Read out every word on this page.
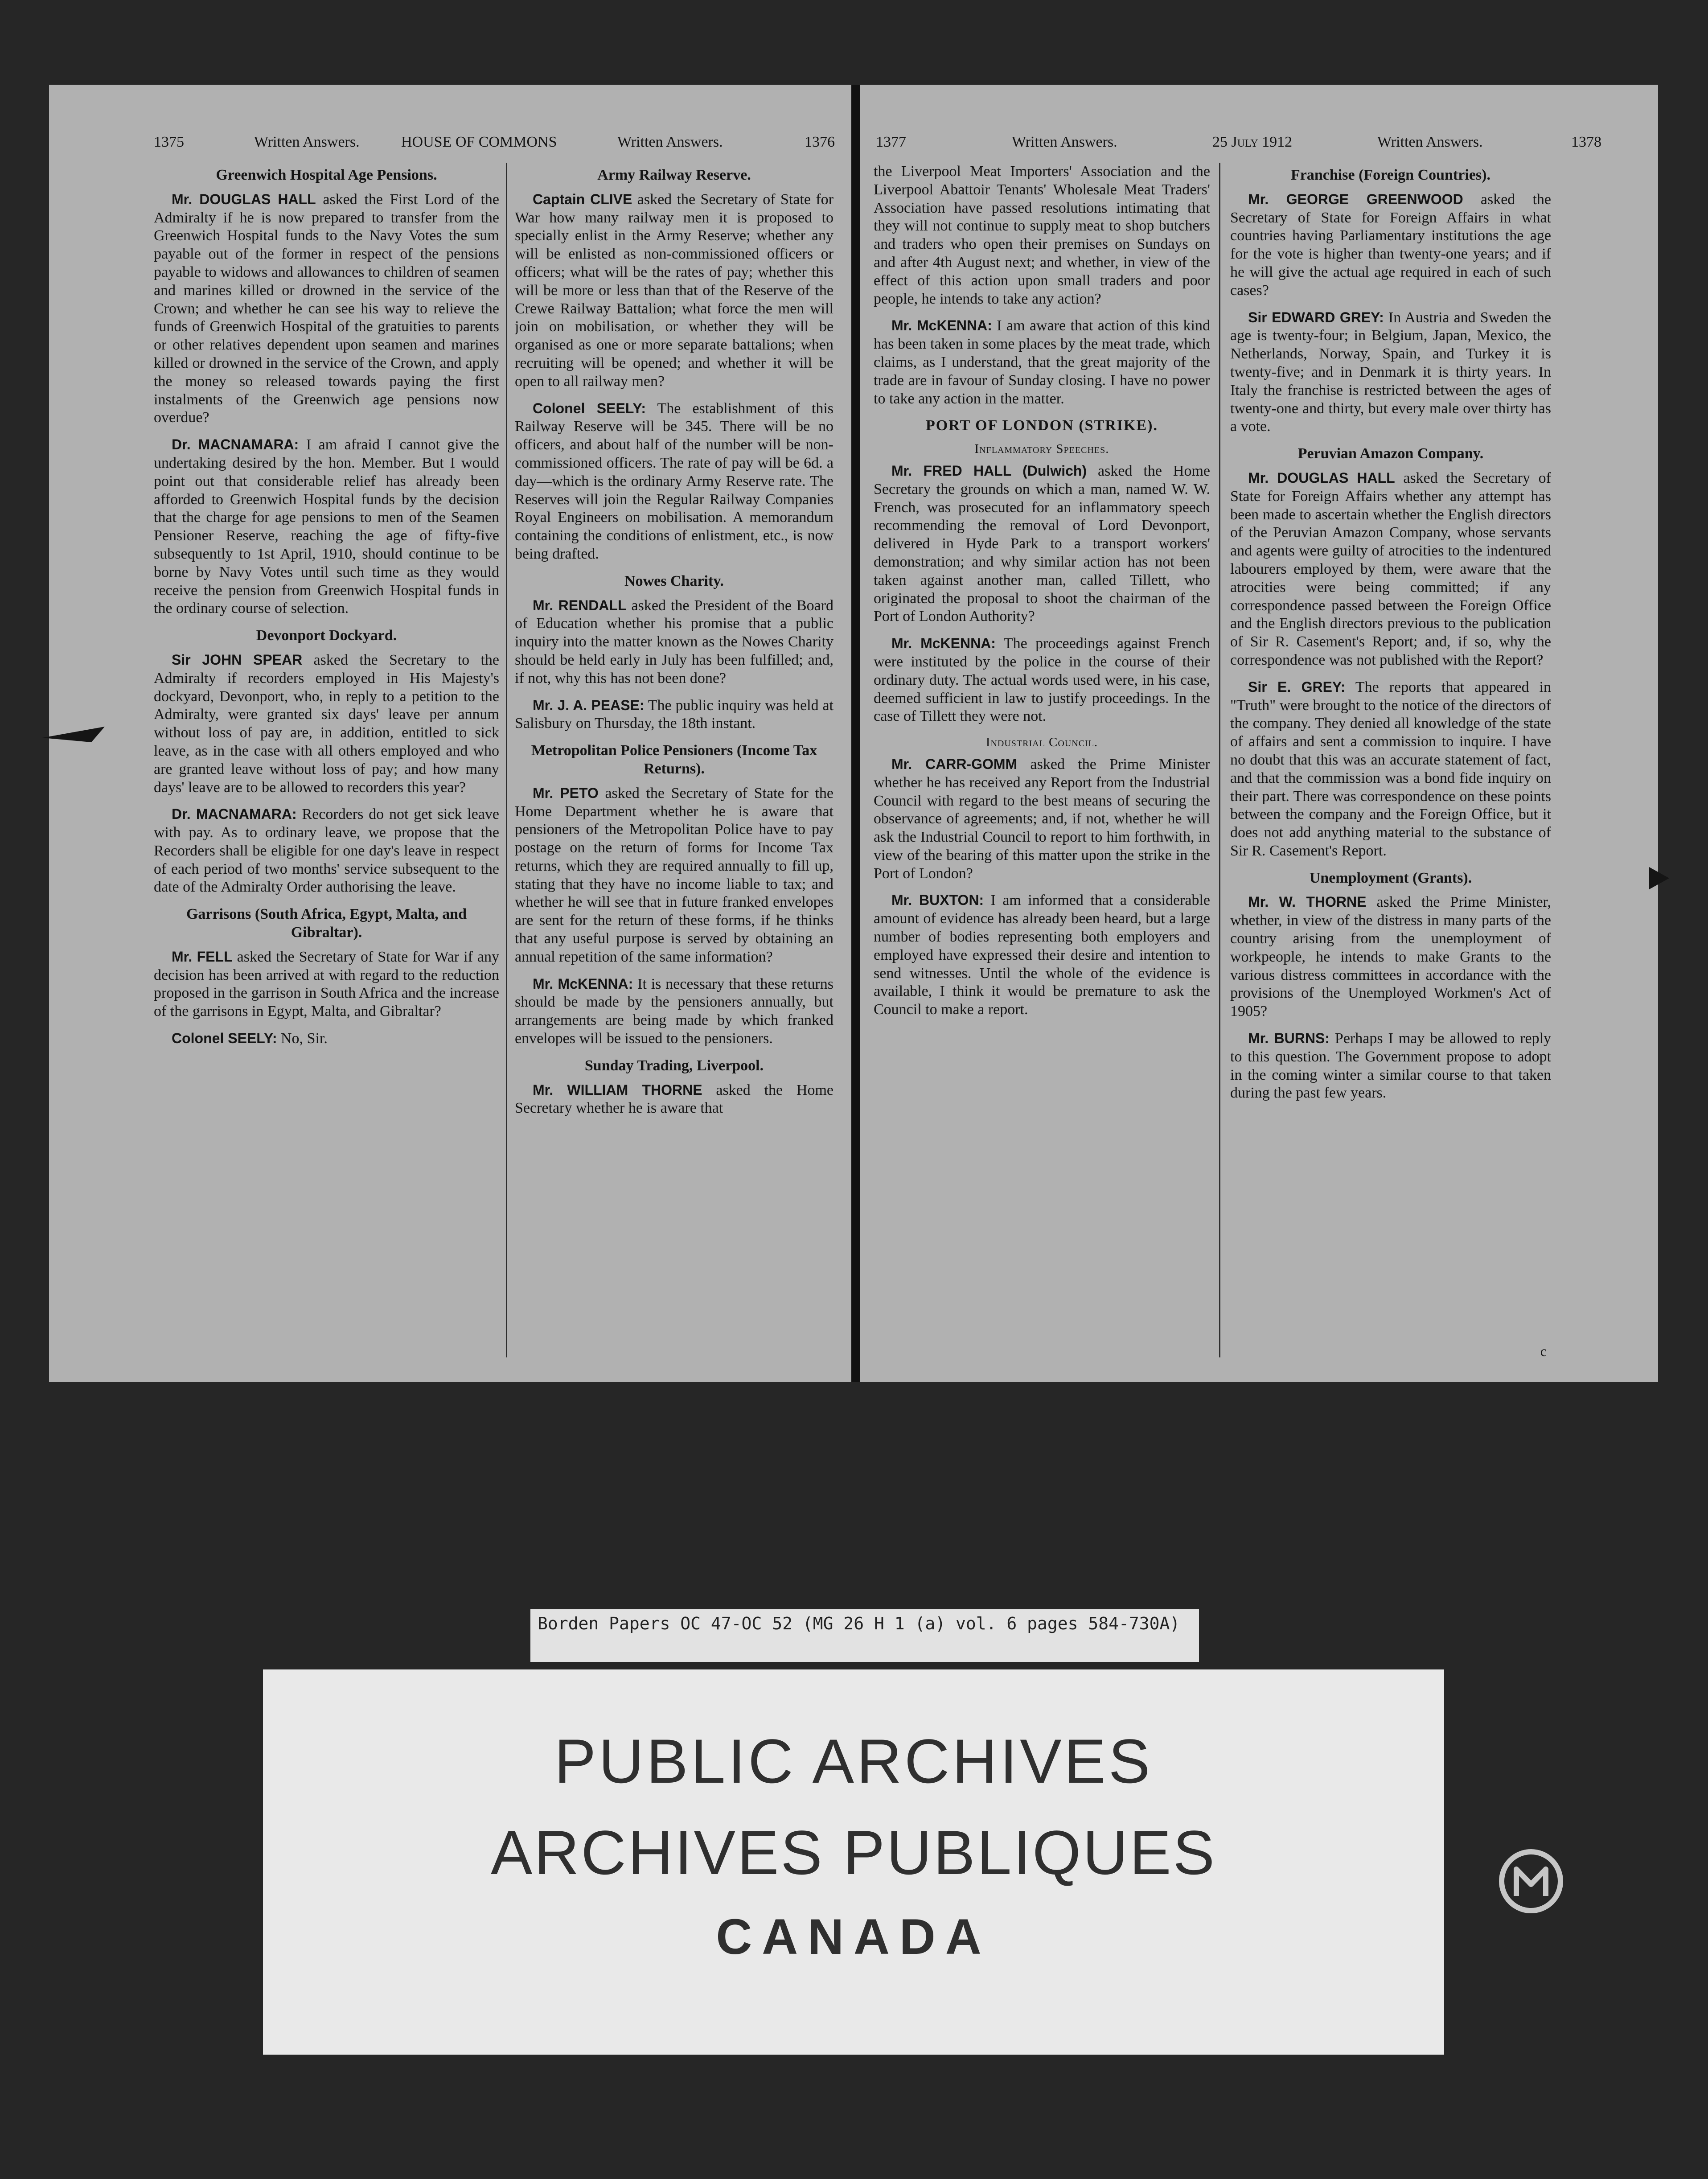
1375	Written Answers.	HOUSE OF COMMONS	Written Answers.	1376
Greenwich Hospital Age Pensions.

Mr. DOUGLAS HALL asked the First Lord of the Admiralty if he is now prepared to transfer from the Greenwich Hospital funds to the Navy Votes the sum payable out of the former in respect of the pensions payable to widows and allowances to children of seamen and marines killed or drowned in the service of the Crown; and whether he can see his way to relieve the funds of Greenwich Hospital of the gratuities to parents or other relatives dependent upon seamen and marines killed or drowned in the service of the Crown, and apply the money so released towards paying the first instalments of the Greenwich age pensions now overdue?

Dr. MACNAMARA: I am afraid I cannot give the undertaking desired by the hon. Member. But I would point out that considerable relief has already been afforded to Greenwich Hospital funds by the decision that the charge for age pensions to men of the Seamen Pensioner Reserve, reaching the age of fifty-five subsequently to 1st April, 1910, should continue to be borne by Navy Votes until such time as they would receive the pension from Greenwich Hospital funds in the ordinary course of selection.

Devonport Dockyard.

Sir JOHN SPEAR asked the Secretary to the Admiralty if recorders employed in His Majesty's dockyard, Devonport, who, in reply to a petition to the Admiralty, were granted six days' leave per annum without loss of pay are, in addition, entitled to sick leave, as in the case with all others employed and who are granted leave without loss of pay; and how many days' leave are to be allowed to recorders this year?

Dr. MACNAMARA: Recorders do not get sick leave with pay. As to ordinary leave, we propose that the Recorders shall be eligible for one day's leave in respect of each period of two months' service subsequent to the date of the Admiralty Order authorising the leave.

Garrisons (South Africa, Egypt, Malta, and Gibraltar).

Mr. FELL asked the Secretary of State for War if any decision has been arrived at with regard to the reduction proposed in the garrison in South Africa and the increase of the garrisons in Egypt, Malta, and Gibraltar?

Colonel SEELY: No, Sir.

Army Railway Reserve.

Captain CLIVE asked the Secretary of State for War how many railway men it is proposed to specially enlist in the Army Reserve; whether any will be enlisted as non-commissioned officers or officers; what will be the rates of pay; whether this will be more or less than that of the Reserve of the Crewe Railway Battalion; what force the men will join on mobilisation, or whether they will be organised as one or more separate battalions; when recruiting will be opened; and whether it will be open to all railway men?

Colonel SEELY: The establishment of this Railway Reserve will be 345. There will be no officers, and about half of the number will be non-commissioned officers. The rate of pay will be 6d. a day—which is the ordinary Army Reserve rate. The Reserves will join the Regular Railway Companies Royal Engineers on mobilisation. A memorandum containing the conditions of enlistment, etc., is now being drafted.

Nowes Charity.

Mr. RENDALL asked the President of the Board of Education whether his promise that a public inquiry into the matter known as the Nowes Charity should be held early in July has been fulfilled; and, if not, why this has not been done?

Mr. J. A. PEASE: The public inquiry was held at Salisbury on Thursday, the 18th instant.

Metropolitan Police Pensioners (Income Tax Returns).

Mr. PETO asked the Secretary of State for the Home Department whether he is aware that pensioners of the Metropolitan Police have to pay postage on the return of forms for Income Tax returns, which they are required annually to fill up, stating that they have no income liable to tax; and whether he will see that in future franked envelopes are sent for the return of these forms, if he thinks that any useful purpose is served by obtaining an annual repetition of the same information?

Mr. McKENNA: It is necessary that these returns should be made by the pensioners annually, but arrangements are being made by which franked envelopes will be issued to the pensioners.

Sunday Trading, Liverpool.

Mr. WILLIAM THORNE asked the Home Secretary whether he is aware that

1377	Written Answers.	25 July 1912	Written Answers.	1378

the Liverpool Meat Importers' Association and the Liverpool Abattoir Tenants' Wholesale Meat Traders' Association have passed resolutions intimating that they will not continue to supply meat to shop butchers and traders who open their premises on Sundays on and after 4th August next; and whether, in view of the effect of this action upon small traders and poor people, he intends to take any action?

Mr. McKENNA: I am aware that action of this kind has been taken in some places by the meat trade, which claims, as I understand, that the great majority of the trade are in favour of Sunday closing. I have no power to take any action in the matter.

PORT OF LONDON (STRIKE).
Inflammatory Speeches.

Mr. FRED HALL (Dulwich) asked the Home Secretary the grounds on which a man, named W. W. French, was prosecuted for an inflammatory speech recommending the removal of Lord Devonport, delivered in Hyde Park to a transport workers' demonstration; and why similar action has not been taken against another man, called Tillett, who originated the proposal to shoot the chairman of the Port of London Authority?

Mr. McKENNA: The proceedings against French were instituted by the police in the course of their ordinary duty. The actual words used were, in his case, deemed sufficient in law to justify proceedings. In the case of Tillett they were not.

Industrial Council.

Mr. CARR-GOMM asked the Prime Minister whether he has received any Report from the Industrial Council with regard to the best means of securing the observance of agreements; and, if not, whether he will ask the Industrial Council to report to him forthwith, in view of the bearing of this matter upon the strike in the Port of London?

Mr. BUXTON: I am informed that a considerable amount of evidence has already been heard, but a large number of bodies representing both employers and employed have expressed their desire and intention to send witnesses. Until the whole of the evidence is available, I think it would be premature to ask the Council to make a report.

Franchise (Foreign Countries).

Mr. GEORGE GREENWOOD asked the Secretary of State for Foreign Affairs in what countries having Parliamentary institutions the age for the vote is higher than twenty-one years; and if he will give the actual age required in each of such cases?

Sir EDWARD GREY: In Austria and Sweden the age is twenty-four; in Belgium, Japan, Mexico, the Netherlands, Norway, Spain, and Turkey it is twenty-five; and in Denmark it is thirty years. In Italy the franchise is restricted between the ages of twenty-one and thirty, but every male over thirty has a vote.

Peruvian Amazon Company.

Mr. DOUGLAS HALL asked the Secretary of State for Foreign Affairs whether any attempt has been made to ascertain whether the English directors of the Peruvian Amazon Company, whose servants and agents were guilty of atrocities to the indentured labourers employed by them, were aware that the atrocities were being committed; if any correspondence passed between the Foreign Office and the English directors previous to the publication of Sir R. Casement's Report; and, if so, why the correspondence was not published with the Report?

Sir E. GREY: The reports that appeared in "Truth" were brought to the notice of the directors of the company. They denied all knowledge of the state of affairs and sent a commission to inquire. I have no doubt that this was an accurate statement of fact, and that the commission was a bond fide inquiry on their part. There was correspondence on these points between the company and the Foreign Office, but it does not add anything material to the substance of Sir R. Casement's Report.

Unemployment (Grants).

Mr. W. THORNE asked the Prime Minister, whether, in view of the distress in many parts of the country arising from the unemployment of workpeople, he intends to make Grants to the various distress committees in accordance with the provisions of the Unemployed Workmen's Act of 1905?

Mr. BURNS: Perhaps I may be allowed to reply to this question. The Government propose to adopt in the coming winter a similar course to that taken during the past few years.

c
Borden Papers OC 47-OC 52 (MG 26 H 1 (a) vol. 6 pages 584-730A)
PUBLIC ARCHIVES
ARCHIVES PUBLIQUES
CANADA
